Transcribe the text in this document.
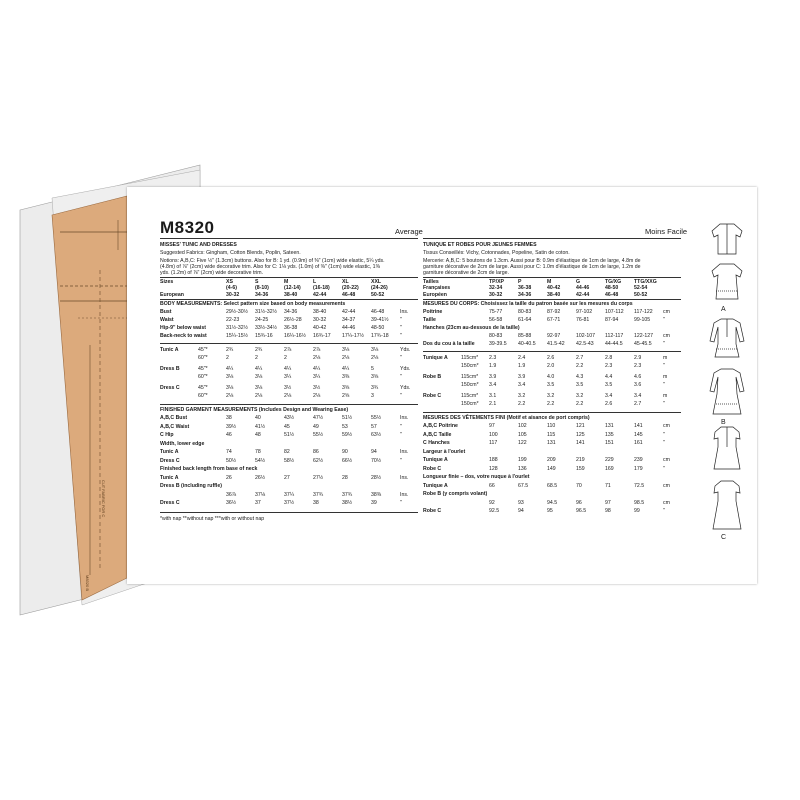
CUT FABRIC FOR C
M8320 B
M8320	Average	Moins Facile
MISSES' TUNIC AND DRESSES
Suggested Fabrics: Gingham, Cotton Blends, Poplin, Sateen.
Notions: A,B,C: Five ½" (1.3cm) buttons. Also for B: 1 yd. (0.9m) of ⅜" (1cm) wide elastic, 5¼ yds.
(4.8m) of ⅞" (2cm) wide decorative trim. Also for C: 1⅛ yds. (1.0m) of ⅜" (1cm) wide elastic, 1⅜
yds. (1.2m) of ⅞" (2cm) wide decorative trim.
Sizes	XS	S	M	L	XL	XXL
(4-6)	(8-10)	(12-14) (16-18) (20-22) (24-26)
European	30-32	34-36	38-40	42-44	46-48	50-52
BODY MEASUREMENTS: Select pattern size based on body measurements
Bust	29½-30½ 31½-32½ 34-36	38-40	42-44	46-48	Ins.
Waist	22-23	24-25	26½-28 30-32	34-37	39-41½ "
Hip-9" below waist	31½-32½ 33½-34½ 36-38	40-42	44-46	48-50	"
Back-neck to waist	15¼-15½ 15¾-16 16¼-16½ 16¾-17 17¼-17½ 17¾-18 "
Tunic A	45"*	2¾	2¾	2⅞	2⅞	3⅛	3⅛	Yds.
60"*	2	2	2	2⅛	2⅛	2⅛	"
Dress B	45"*	4¼	4¼	4¼	4¼	4¼	5	Yds.
60"*	3⅛	3⅛	3¼	3¼	3⅜	3⅝	"
Dress C	45"*	3⅛	3⅛	3½	3½	3⅝	3¾	Yds.
60"*	2⅛	2⅛	2⅛	2⅛	2⅝	3	"
FINISHED GARMENT MEASUREMENTS (Includes Design and Wearing Ease)
A,B,C Bust	38	40	43½	47½	51½	55½	Ins.
A,B,C Waist	39½	41½	45	49	53	57	"
C Hip	46	48	51½	55½	59½	63½	"
Width, lower edge
Tunic A	74	78	82	86	90	94	Ins.
Dress C	50½	54½	58½	62½	66½	70½	"
Finished back length from base of neck
Tunic A	26	26½	27	27½	28	28½	Ins.
Dress B (including ruffle)
36⅞	37⅛	37¼	37¾	37¾	38⅜	Ins.
Dress C	36½	37	37½	38	38½	39	"
*with nap **without nap ***with or without nap
TUNIQUE ET ROBES POUR JEUNES FEMMES
Tissus Conseillés: Vichy, Cotonnades, Popeline, Satin de coton.
Mercerie: A,B,C: 5 boutons de 1.3cm. Aussi pour B: 0.9m d'élastique de 1cm de large, 4.8m de
garniture décorative de 2cm de large. Aussi pour C: 1.0m d'élastique de 1cm de large, 1.2m de
garniture décorative de 2cm de large.
Tailles	TP/XP	P	M	G	TG/XG TTG/XXG
Françaises	32-34	36-38	40-42	44-46	48-50	52-54
Européen	30-32	34-36	38-40	42-44	46-48	50-52
MESURES DU CORPS: Choisissez la taille du patron basée sur les mesures du corps
Poitrine	75-77	80-83	87-92	97-102 107-112 117-122 cm
Taille	56-58	61-64	67-71	76-81	87-94	99-105 "
Hanches (23cm au-dessous de la taille)
80-83	85-88	92-97	102-107 112-117 122-127 cm
Dos du cou à la taille	39-39.5 40-40.5 41.5-42 42.5-43 44-44.5 45-45.5 "
Tunique A	115cm* 2.3	2.4	2.6	2.7	2.8	2.9	m
150cm* 1.9	1.9	2.0	2.2	2.3	2.3	"
Robe B	115cm* 3.9	3.9	4.0	4.3	4.4	4.6	m
150cm* 3.4	3.4	3.5	3.5	3.5	3.6	"
Robe C	115cm* 3.1	3.2	3.2	3.2	3.4	3.4	m
150cm* 2.1	2.2	2.2	2.2	2.6	2.7	"
MESURES DES VÊTEMENTS FINI (Motif et aisance de port compris)
A,B,C Poitrine	97	102	110	121	131	141	cm
A,B,C Taille	100	105	115	125	135	145	"
C Hanches	117	122	131	141	151	161	"
Largeur à l'ourlet
Tunique A	188	199	209	219	229	239	cm
Robe C	128	136	149	159	169	179	"
Longueur finie – dos, votre nuque à l'ourlet
Tunique A	66	67.5	68.5	70	71	72.5	cm
Robe B (y compris volant)
92	93	94.5	96	97	98.5	cm
Robe C	92.5	94	95	96.5	98	99	"
A
B
C
